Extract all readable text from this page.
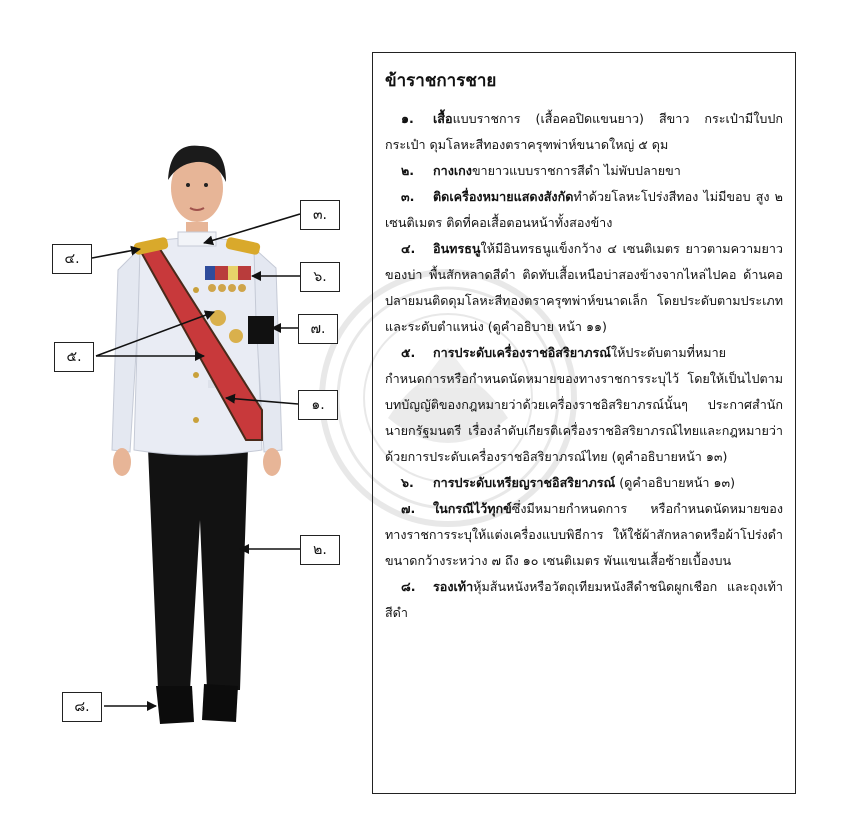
๓.
๔.
๖.
๗.
๕.
๑.
๒.
๘.
ข้าราชการชาย

๑. เสื้อแบบราชการ (เสื้อคอปิดแขนยาว) สีขาว กระเป๋ามีใบปกกระเป๋า ดุมโลหะสีทองตราครุฑพ่าห์ขนาดใหญ่ ๕ ดุม

๒. กางเกงขายาวแบบราชการสีดำ ไม่พับปลายขา

๓. ติดเครื่องหมายแสดงสังกัดทำด้วยโลหะโปร่งสีทอง ไม่มีขอบ สูง ๒ เซนติเมตร ติดที่คอเสื้อตอนหน้าทั้งสองข้าง

๔. อินทรธนูให้มีอินทรธนูแข็งกว้าง ๔ เซนติเมตร ยาวตามความยาวของบ่า พื้นสักหลาดสีดำ ติดทับเสื้อเหนือบ่าสองข้างจากไหล่ไปคอ ด้านคอปลายมนติดดุมโลหะสีทองตราครุฑพ่าห์ขนาดเล็ก โดยประดับตามประเภทและระดับตำแหน่ง (ดูคำอธิบาย หน้า ๑๑)

๕. การประดับเครื่องราชอิสริยาภรณ์ให้ประดับตามที่หมายกำหนดการหรือกำหนดนัดหมายของทางราชการระบุไว้ โดยให้เป็นไปตามบทบัญญัติของกฎหมายว่าด้วยเครื่องราชอิสริยาภรณ์นั้นๆ ประกาศสำนักนายกรัฐมนตรี เรื่องลำดับเกียรติเครื่องราชอิสริยาภรณ์ไทยและกฎหมายว่าด้วยการประดับเครื่องราชอิสริยาภรณ์ไทย (ดูคำอธิบายหน้า ๑๓)

๖. การประดับเหรียญราชอิสริยาภรณ์ (ดูคำอธิบายหน้า ๑๓)

๗. ในกรณีไว้ทุกข์ซึ่งมีหมายกำหนดการ หรือกำหนดนัดหมายของทางราชการระบุให้แต่งเครื่องแบบพิธีการ ให้ใช้ผ้าสักหลาดหรือผ้าโปร่งดำขนาดกว้างระหว่าง ๗ ถึง ๑๐ เซนติเมตร พันแขนเสื้อซ้ายเบื้องบน

๘. รองเท้าหุ้มส้นหนังหรือวัตถุเทียมหนังสีดำชนิดผูกเชือก และถุงเท้าสีดำ
